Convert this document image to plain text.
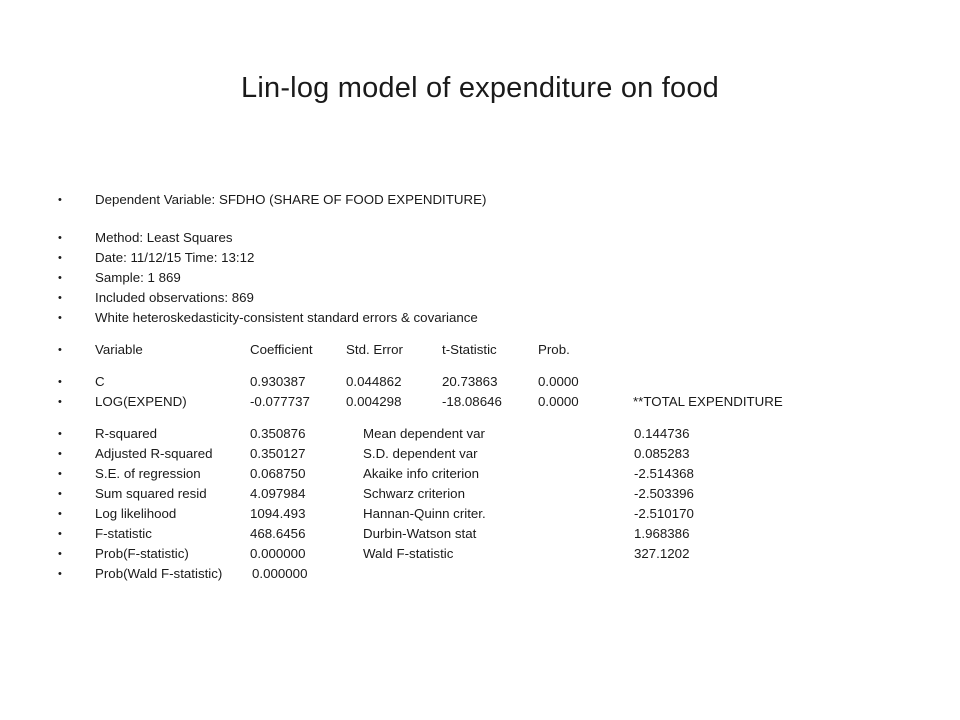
Lin-log model of expenditure on food
• Dependent Variable: SFDHO (SHARE OF FOOD EXPENDITURE)
• Method: Least Squares
• Date: 11/12/15 Time: 13:12
• Sample: 1 869
• Included observations: 869
• White heteroskedasticity-consistent standard errors & covariance
• Variable	Coefficient	Std. Error	t-Statistic	Prob.
• C	0.930387	0.044862	20.73863	0.0000
• LOG(EXPEND)	-0.077737	0.004298	-18.08646	0.0000	**TOTAL EXPENDITURE
• R-squared	0.350876	Mean dependent var	0.144736
• Adjusted R-squared	0.350127	S.D. dependent var	0.085283
• S.E. of regression	0.068750	Akaike info criterion	-2.514368
• Sum squared resid	4.097984	Schwarz criterion	-2.503396
• Log likelihood	1094.493	Hannan-Quinn criter.	-2.510170
• F-statistic	468.6456	Durbin-Watson stat	1.968386
• Prob(F-statistic)	0.000000	Wald F-statistic	327.1202
• Prob(Wald F-statistic) 0.000000
